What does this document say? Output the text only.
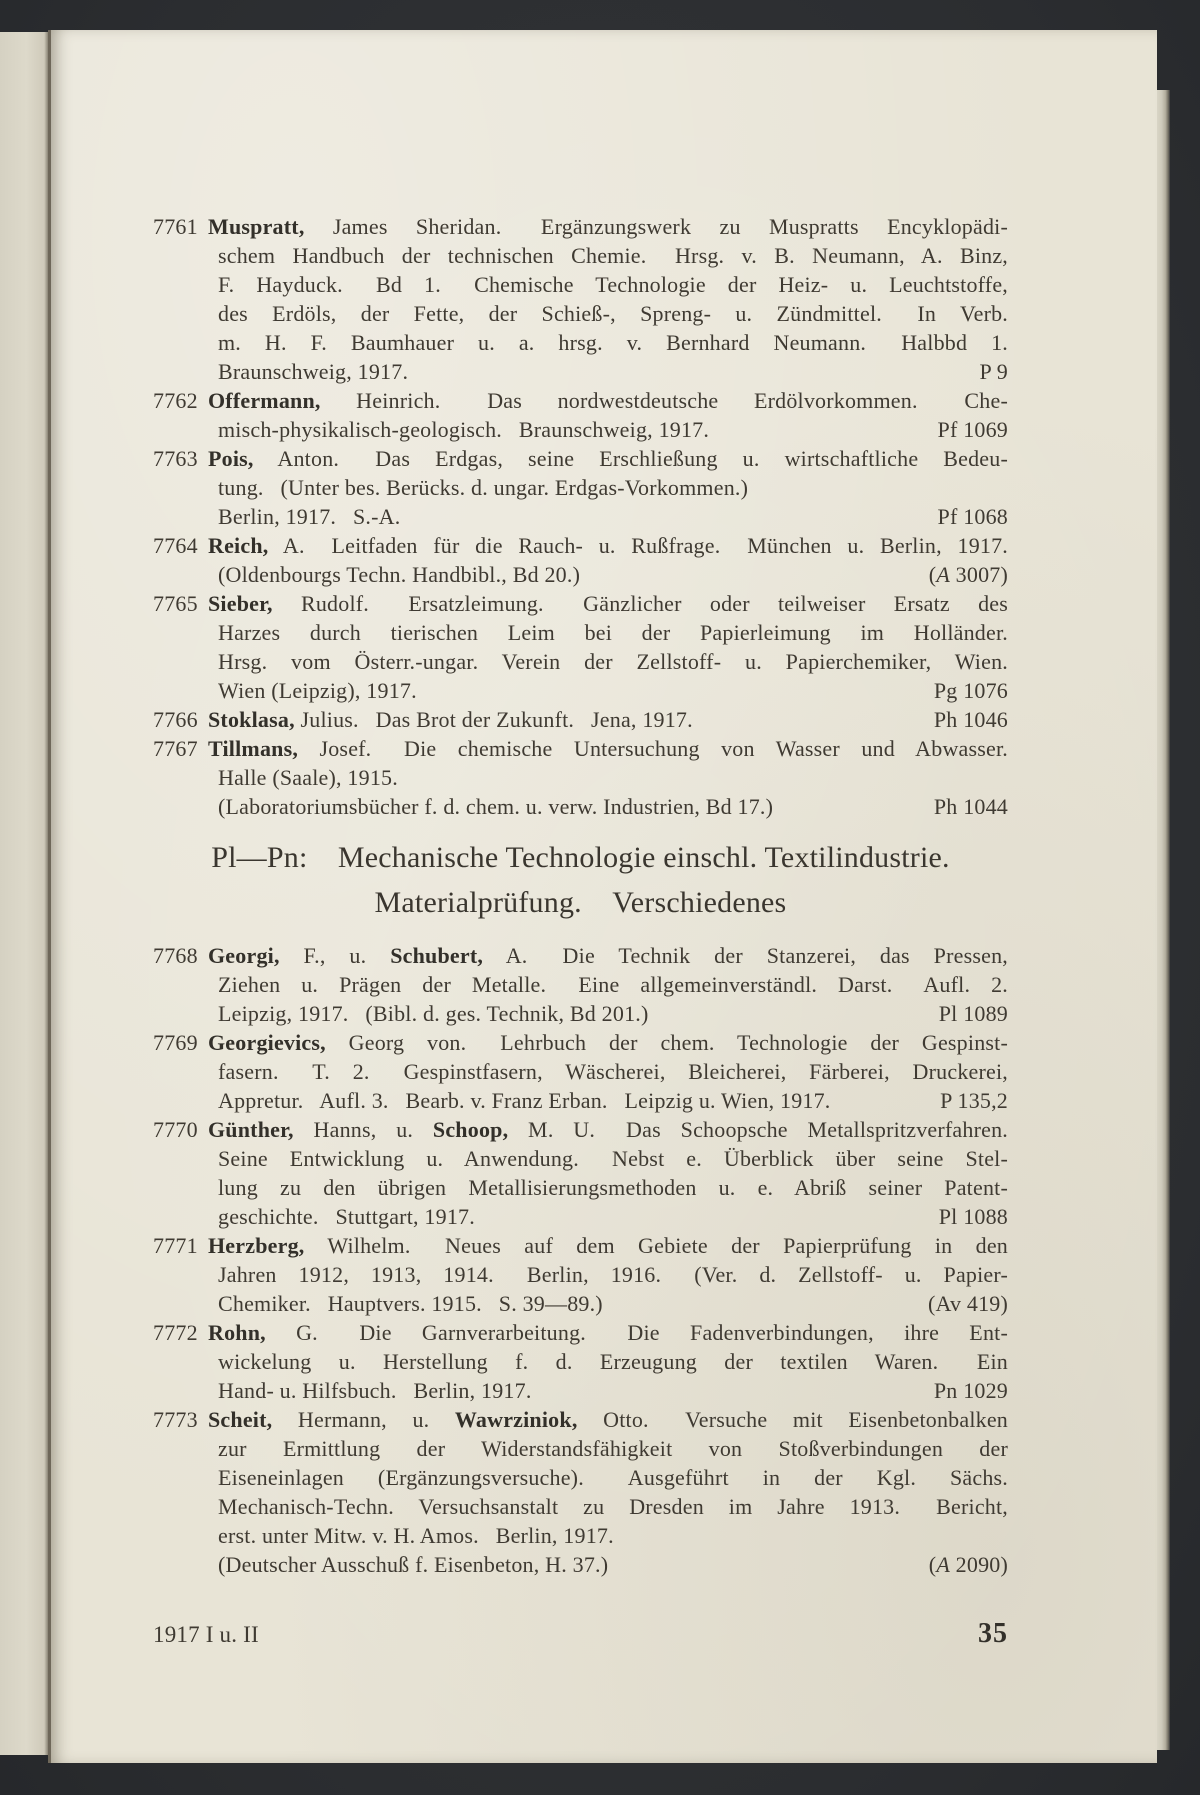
7761 Muspratt, James Sheridan.  Ergänzungswerk zu Muspratts Encyklopädi-
schem Handbuch der technischen Chemie.  Hrsg. v. B. Neumann, A. Binz,
F. Hayduck.  Bd 1.  Chemische Technologie der Heiz- u. Leuchtstoffe,
des Erdöls, der Fette, der Schieß-, Spreng- u. Zündmittel.  In Verb.
m. H. F. Baumhauer u. a. hrsg. v. Bernhard Neumann.  Halbbd 1.
Braunschweig, 1917.	P 9
7762 Offermann, Heinrich.  Das nordwestdeutsche Erdölvorkommen.  Che-
misch-physikalisch-geologisch.  Braunschweig, 1917.	Pf 1069
7763 Pois, Anton.  Das Erdgas, seine Erschließung u. wirtschaftliche Bedeu-
tung.  (Unter bes. Berücks. d. ungar. Erdgas-Vorkommen.)
Berlin, 1917.  S.-A.	Pf 1068
7764 Reich, A.  Leitfaden für die Rauch- u. Rußfrage.  München u. Berlin, 1917.
(Oldenbourgs Techn. Handbibl., Bd 20.)	(A 3007)
7765 Sieber, Rudolf.  Ersatzleimung.  Gänzlicher oder teilweiser Ersatz des
Harzes durch tierischen Leim bei der Papierleimung im Holländer.
Hrsg. vom Österr.-ungar. Verein der Zellstoff- u. Papierchemiker, Wien.
Wien (Leipzig), 1917.	Pg 1076
7766 Stoklasa, Julius.  Das Brot der Zukunft.  Jena, 1917.	Ph 1046
7767 Tillmans, Josef.  Die chemische Untersuchung von Wasser und Abwasser.
Halle (Saale), 1915.
(Laboratoriumsbücher f. d. chem. u. verw. Industrien, Bd 17.)	Ph 1044
Pl—Pn:  Mechanische Technologie einschl. Textilindustrie.
Materialprüfung.  Verschiedenes
7768 Georgi, F., u. Schubert, A.  Die Technik der Stanzerei, das Pressen,
Ziehen u. Prägen der Metalle.  Eine allgemeinverständl. Darst.  Aufl. 2.
Leipzig, 1917.  (Bibl. d. ges. Technik, Bd 201.)	Pl 1089
7769 Georgievics, Georg von.  Lehrbuch der chem. Technologie der Gespinst-
fasern.  T. 2.  Gespinstfasern, Wäscherei, Bleicherei, Färberei, Druckerei,
Appretur.  Aufl. 3.  Bearb. v. Franz Erban.  Leipzig u. Wien, 1917.	P 135,2
7770 Günther, Hanns, u. Schoop, M. U.  Das Schoopsche Metallspritzverfahren.
Seine Entwicklung u. Anwendung.  Nebst e. Überblick über seine Stel-
lung zu den übrigen Metallisierungsmethoden u. e. Abriß seiner Patent-
geschichte.  Stuttgart, 1917.	Pl 1088
7771 Herzberg, Wilhelm.  Neues auf dem Gebiete der Papierprüfung in den
Jahren 1912, 1913, 1914.  Berlin, 1916.  (Ver. d. Zellstoff- u. Papier-
Chemiker.  Hauptvers. 1915.  S. 39—89.)	(Av 419)
7772 Rohn, G.  Die Garnverarbeitung.  Die Fadenverbindungen, ihre Ent-
wickelung u. Herstellung f. d. Erzeugung der textilen Waren.  Ein
Hand- u. Hilfsbuch.  Berlin, 1917.	Pn 1029
7773 Scheit, Hermann, u. Wawrziniok, Otto.  Versuche mit Eisenbetonbalken
zur Ermittlung der Widerstandsfähigkeit von Stoßverbindungen der
Eiseneinlagen (Ergänzungsversuche).  Ausgeführt in der Kgl. Sächs.
Mechanisch-Techn. Versuchsanstalt zu Dresden im Jahre 1913.  Bericht,
erst. unter Mitw. v. H. Amos.  Berlin, 1917.
(Deutscher Ausschuß f. Eisenbeton, H. 37.)	(A 2090)
1917 I u. II	35
